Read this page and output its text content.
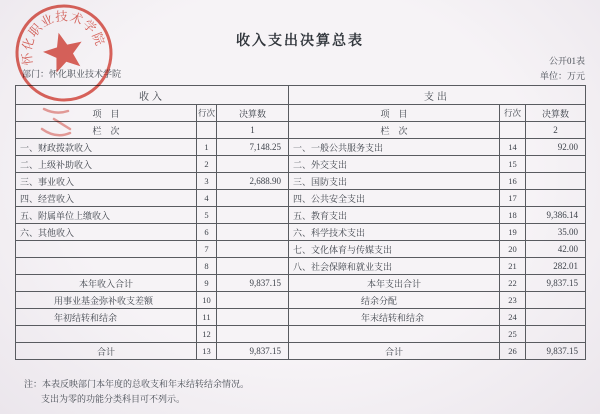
收入支出决算总表
公开01表
单位：万元
部门：怀化职业技术学院
收入			支出		
项　目	行次	决算数	项　目	行次	决算数
栏　次		1	栏　次		2
一、财政拨款收入	1	7,148.25	一、一般公共服务支出	14	92.00
二、上级补助收入	2		二、外交支出	15	
三、事业收入	3	2,688.90	三、国防支出	16	
四、经营收入	4		四、公共安全支出	17	
五、附属单位上缴收入	5		五、教育支出	18	9,386.14
六、其他收入	6		六、科学技术支出	19	35.00
	7		七、文化体育与传媒支出	20	42.00
	8		八、社会保障和就业支出	21	282.01
本年收入合计	9	9,837.15	本年支出合计	22	9,837.15
用事业基金弥补收支差额	10		结余分配	23	
年初结转和结余	11		年末结转和结余	24	
	12			25	
合计	13	9,837.15	合计	26	9,837.15
注：本表反映部门本年度的总收支和年末结转结余情况。
支出为零的功能分类科目可不列示。
怀化职业技术学院
